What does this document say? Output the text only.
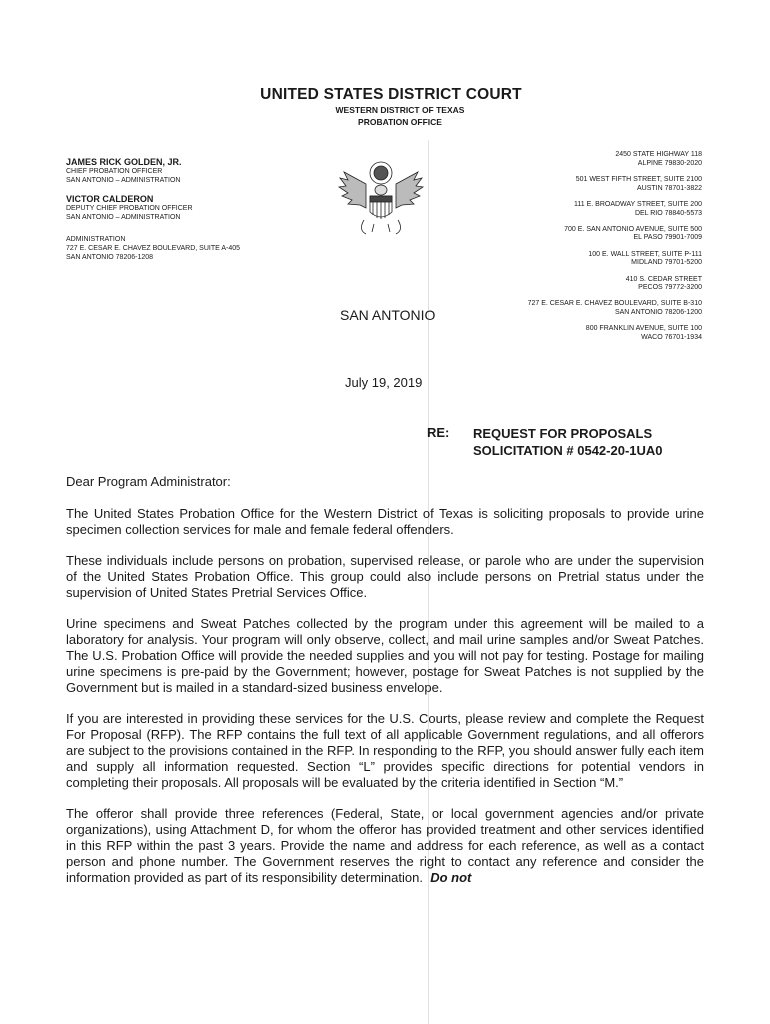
UNITED STATES DISTRICT COURT
WESTERN DISTRICT OF TEXAS
PROBATION OFFICE
JAMES RICK GOLDEN, JR.
CHIEF PROBATION OFFICER
SAN ANTONIO – ADMINISTRATION
VICTOR CALDERON
DEPUTY CHIEF PROBATION OFFICER
SAN ANTONIO – ADMINISTRATION
ADMINISTRATION
727 E. CESAR E. CHAVEZ BOULEVARD, SUITE A-405
SAN ANTONIO 78206-1208
2450 STATE HIGHWAY 118
ALPINE 79830-2020
501 WEST FIFTH STREET, SUITE 2100
AUSTIN 78701-3822
111 E. BROADWAY STREET, SUITE 200
DEL RIO 78840-5573
700 E. SAN ANTONIO AVENUE, SUITE 500
EL PASO 79901-7009
100 E. WALL STREET, SUITE P-111
MIDLAND 79701-5200
410 S. CEDAR STREET
PECOS 79772-3200
727 E. CESAR E. CHAVEZ BOULEVARD, SUITE B-310
SAN ANTONIO 78206-1200
800 FRANKLIN AVENUE, SUITE 100
WACO 76701-1934
SAN ANTONIO
July 19, 2019
RE: REQUEST FOR PROPOSALS
SOLICITATION # 0542-20-1UA0
Dear Program Administrator:

The United States Probation Office for the Western District of Texas is soliciting proposals to provide urine specimen collection services for male and female federal offenders.

These individuals include persons on probation, supervised release, or parole who are under the supervision of the United States Probation Office. This group could also include persons on Pretrial status under the supervision of United States Pretrial Services Office.

Urine specimens and Sweat Patches collected by the program under this agreement will be mailed to a laboratory for analysis. Your program will only observe, collect, and mail urine samples and/or Sweat Patches. The U.S. Probation Office will provide the needed supplies and you will not pay for testing. Postage for mailing urine specimens is pre-paid by the Government; however, postage for Sweat Patches is not supplied by the Government but is mailed in a standard-sized business envelope.

If you are interested in providing these services for the U.S. Courts, please review and complete the Request For Proposal (RFP). The RFP contains the full text of all applicable Government regulations, and all offerors are subject to the provisions contained in the RFP. In responding to the RFP, you should answer fully each item and supply all information requested. Section “L” provides specific directions for potential vendors in completing their proposals. All proposals will be evaluated by the criteria identified in Section “M.”

The offeror shall provide three references (Federal, State, or local government agencies and/or private organizations), using Attachment D, for whom the offeror has provided treatment and other services identified in this RFP within the past 3 years. Provide the name and address for each reference, as well as a contact person and phone number. The Government reserves the right to contact any reference and consider the information provided as part of its responsibility determination. Do not
